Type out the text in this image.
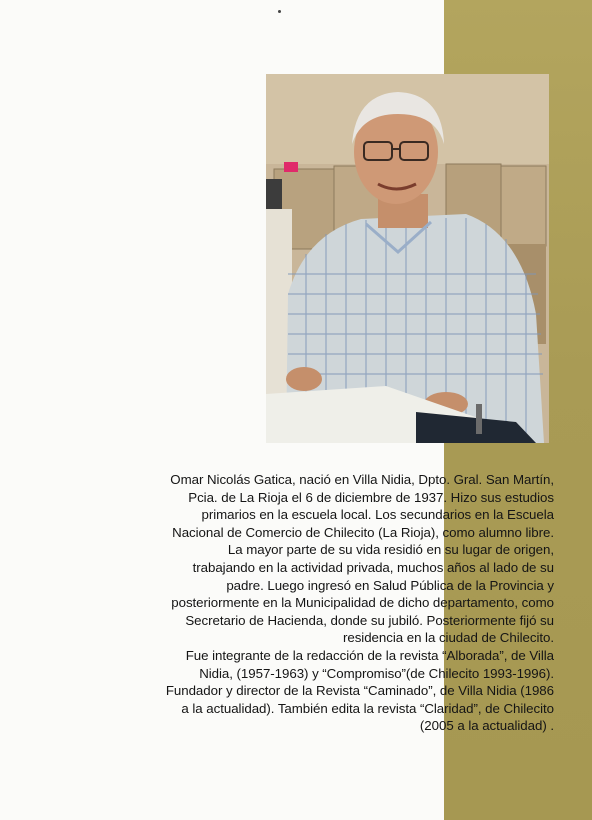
Omar Nicolás Gatica, nació en Villa Nidia, Dpto. Gral. San Martín,
Pcia. de La Rioja el 6 de diciembre de 1937. Hizo sus estudios
primarios en la escuela local. Los secundarios en la Escuela
Nacional de Comercio de Chilecito (La Rioja), como alumno libre.
La mayor parte de su vida residió en su lugar de origen,
trabajando en la actividad privada, muchos años al lado de su
padre. Luego ingresó en Salud Pública de la Provincia y
posteriormente en la Municipalidad de dicho departamento, como
Secretario de Hacienda, donde su jubiló. Posteriormente fijó su
residencia en la ciudad de Chilecito.
Fue integrante de la redacción de la revista “Alborada”, de Villa
Nidia, (1957-1963) y “Compromiso”(de Chilecito 1993-1996).
Fundador y director de la Revista “Caminado”, de Villa Nidia (1986
a la actualidad). También edita la revista “Claridad”, de Chilecito
(2005 a la actualidad) .
